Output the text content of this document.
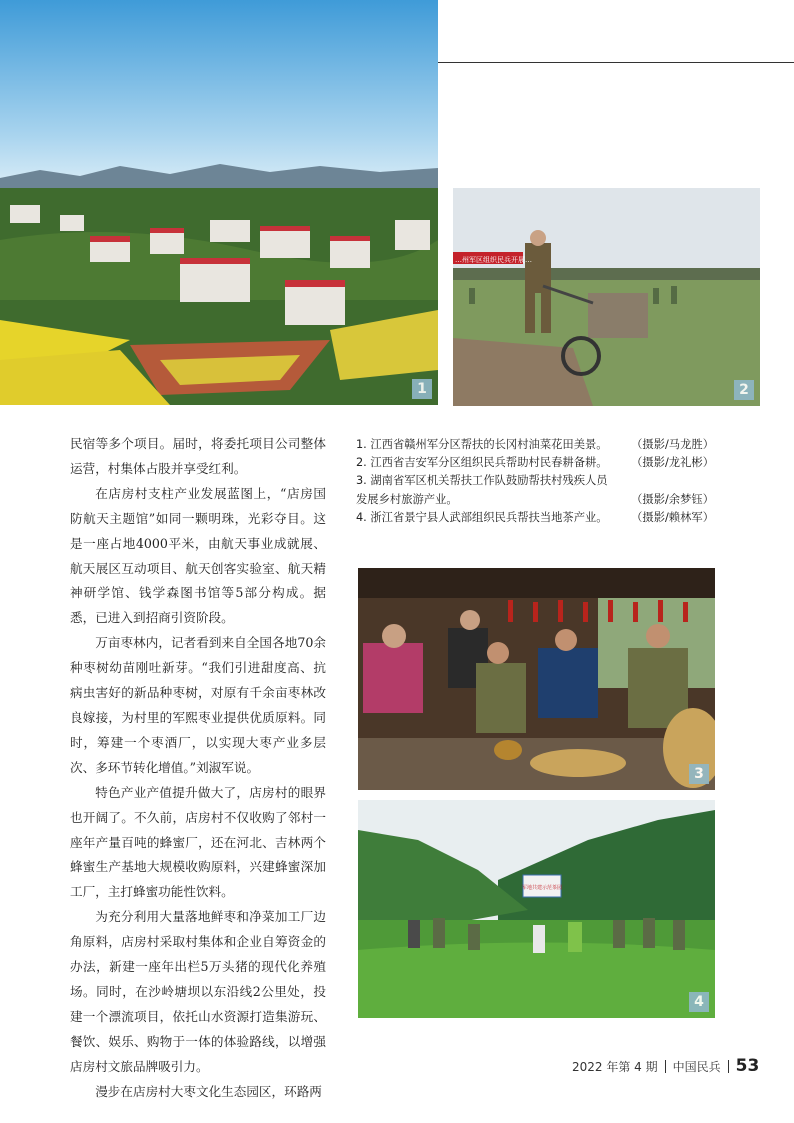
1
…州军区组织民兵开展…
2

民宿等多个项目。届时，将委托项目公司整体运营，村集体占股并享受红利。

在店房村支柱产业发展蓝图上，“店房国防航天主题馆”如同一颗明珠，光彩夺目。这是一座占地4000平米，由航天事业成就展、航天展区互动项目、航天创客实验室、航天精神研学馆、钱学森图书馆等5部分构成。据悉，已进入到招商引资阶段。

万亩枣林内，记者看到来自全国各地70余种枣树幼苗刚吐新芽。“我们引进甜度高、抗病虫害好的新品种枣树，对原有千余亩枣林改良嫁接，为村里的军熙枣业提供优质原料。同时，筹建一个枣酒厂，以实现大枣产业多层次、多环节转化增值。”刘淑军说。

特色产业产值提升做大了，店房村的眼界也开阔了。不久前，店房村不仅收购了邻村一座年产量百吨的蜂蜜厂，还在河北、吉林两个蜂蜜生产基地大规模收购原料，兴建蜂蜜深加工厂，主打蜂蜜功能性饮料。

为充分利用大量落地鲜枣和净菜加工厂边角原料，店房村采取村集体和企业自筹资金的办法，新建一座年出栏5万头猪的现代化养殖场。同时，在沙岭塘坝以东沿线2公里处，投建一个漂流项目，依托山水资源打造集游玩、餐饮、娱乐、购物于一体的体验路线，以增强店房村文旅品牌吸引力。

漫步在店房村大枣文化生态园区，环路两

1. 江西省赣州军分区帮扶的长冈村油菜花田美景。 （摄影/马龙胜）
2. 江西省吉安军分区组织民兵帮助村民春耕备耕。 （摄影/龙礼彬）
3. 湖南省军区机关帮扶工作队鼓励帮扶村残疾人员
发展乡村旅游产业。	（摄影/余梦钰）
4. 浙江省景宁县人武部组织民兵帮扶当地茶产业。 （摄影/赖林军）
3
军地共建示范茶园
4
2022 年第 4 期 中国民兵 53
